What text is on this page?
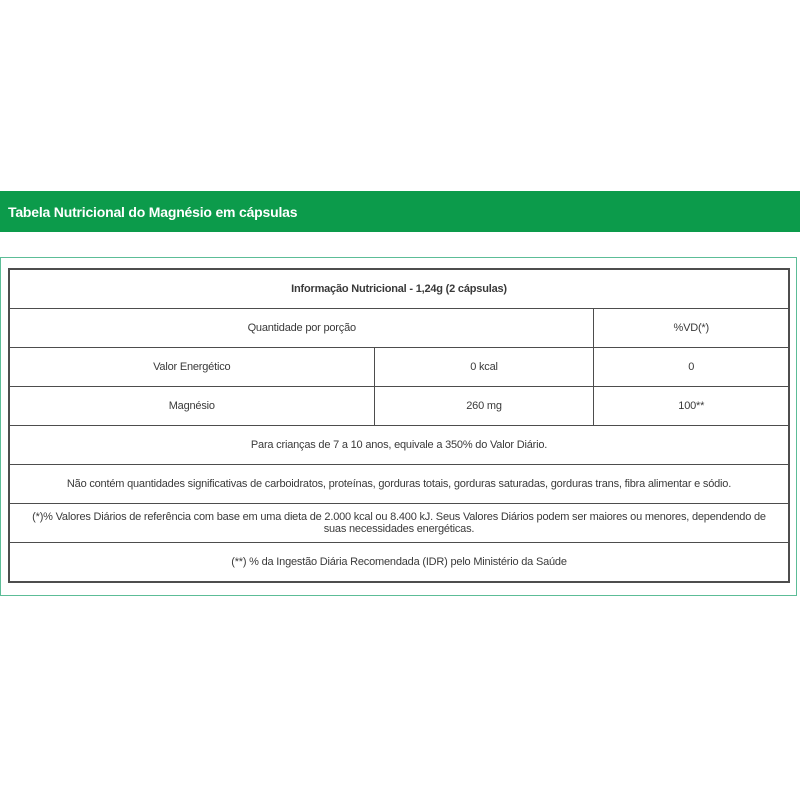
Tabela Nutricional do Magnésio em cápsulas
Informação Nutricional - 1,24g (2 cápsulas)		
Quantidade por porção		%VD(*)
Valor Energético	0 kcal	0
Magnésio	260 mg	100**
Para crianças de 7 a 10 anos, equivale a 350% do Valor Diário.		
Não contém quantidades significativas de carboidratos, proteínas, gorduras totais, gorduras saturadas, gorduras trans, fibra alimentar e sódio.		
(*)% Valores Diários de referência com base em uma dieta de 2.000 kcal ou 8.400 kJ. Seus Valores Diários podem ser maiores ou menores, dependendo de suas necessidades energéticas.		
(**) % da Ingestão Diária Recomendada (IDR) pelo Ministério da Saúde		
